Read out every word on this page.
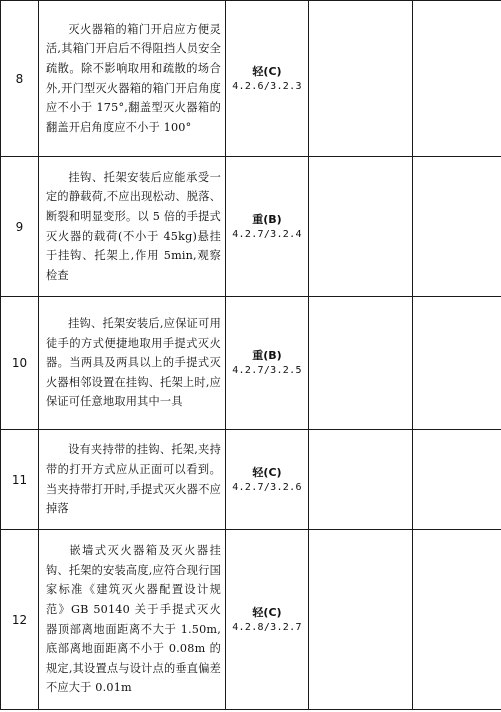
8	灭火器箱的箱门开启应方便灵活,其箱门开启后不得阻挡人员安全疏散。除不影响取用和疏散的场合外,开门型灭火器箱的箱门开启角度应不小于 175°,翻盖型灭火器箱的翻盖开启角度应不小于 100°	轻(C)
4.2.6/3.2.3		

9	挂钩、托架安装后应能承受一定的静载荷,不应出现松动、脱落、断裂和明显变形。以 5 倍的手提式灭火器的载荷(不小于 45kg)悬挂于挂钩、托架上,作用 5min,观察检查	重(B)
4.2.7/3.2.4		

10	挂钩、托架安装后,应保证可用徒手的方式便捷地取用手提式灭火器。当两具及两具以上的手提式灭火器相邻设置在挂钩、托架上时,应保证可任意地取用其中一具	重(B)
4.2.7/3.2.5		

11	设有夹持带的挂钩、托架,夹持带的打开方式应从正面可以看到。当夹持带打开时,手提式灭火器不应掉落	轻(C)
4.2.7/3.2.6		

12	嵌墙式灭火器箱及灭火器挂钩、托架的安装高度,应符合现行国家标准《建筑灭火器配置设计规范》GB 50140 关于手提式灭火器顶部离地面距离不大于 1.50m,底部离地面距离不小于 0.08m 的规定,其设置点与设计点的垂直偏差不应大于 0.01m	轻(C)
4.2.8/3.2.7		
